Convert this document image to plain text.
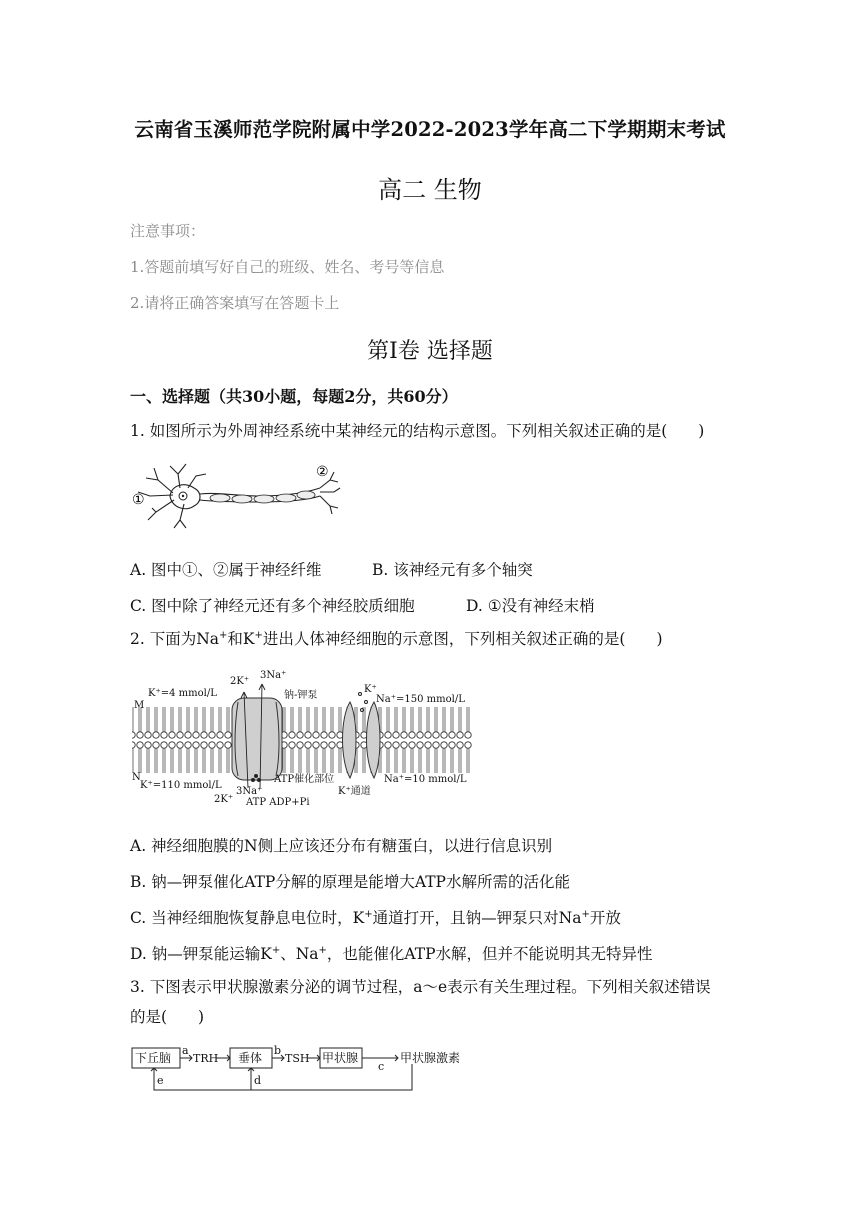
云南省玉溪师范学院附属中学2022-2023学年高二下学期期末考试
高二 生物
注意事项：
1.答题前填写好自己的班级、姓名、考号等信息
2.请将正确答案填写在答题卡上
第Ⅰ卷 选择题
一、选择题（共30小题，每题2分，共60分）
1. 如图所示为外周神经系统中某神经元的结构示意图。下列相关叙述正确的是(　　)
①
②
A. 图中①、②属于神经纤维	B. 该神经元有多个轴突
C. 图中除了神经元还有多个神经胶质细胞	D. ①没有神经末梢
2. 下面为Na+和K+进出人体神经细胞的示意图，下列相关叙述正确的是(　　)
M
K⁺=4 mmol/L
N
K⁺=110 mmol/L
2K⁺
3Na⁺
钠-钾泵
K⁺
Na⁺=150 mmol/L
ATP催化部位	Na⁺=10 mmol/L
3Na⁺	K⁺通道
2K⁺ ATP ADP+Pi
A. 神经细胞膜的N侧上应该还分布有糖蛋白，以进行信息识别
B. 钠—钾泵催化ATP分解的原理是能增大ATP水解所需的活化能
C. 当神经细胞恢复静息电位时，K+通道打开，且钠—钾泵只对Na+开放
D. 钠—钾泵能运输K+、Na+，也能催化ATP水解，但并不能说明其无特异性
3. 下图表示甲状腺激素分泌的调节过程，a～e表示有关生理过程。下列相关叙述错误
的是(　　)
下丘脑
a
TRH 垂体
b
TSH 甲状腺
c
甲状腺激素
d
e
